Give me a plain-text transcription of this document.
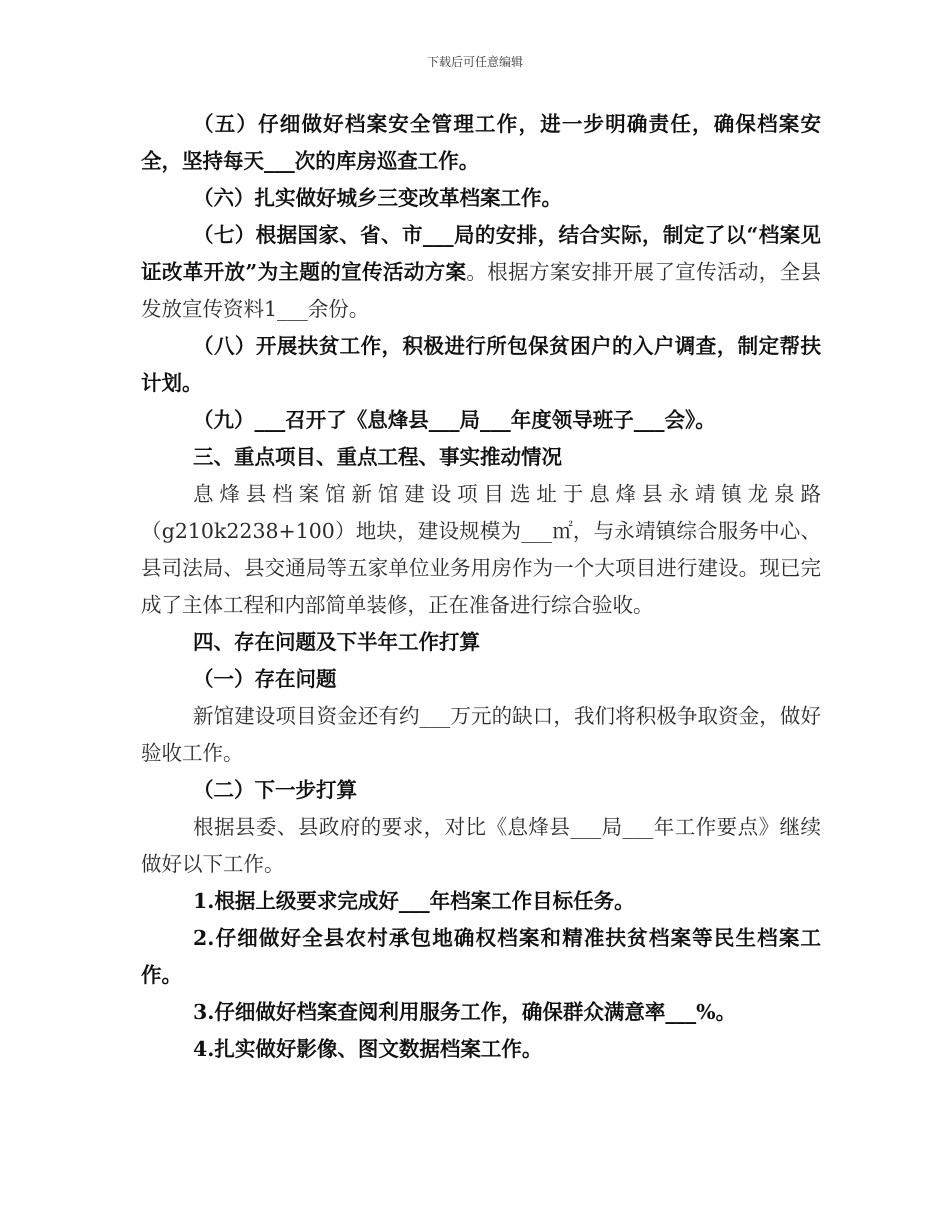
下载后可任意编辑

（五）仔细做好档案安全管理工作，进一步明确责任，确保档案安全，坚持每天___次的库房巡查工作。

（六）扎实做好城乡三变改革档案工作。

（七）根据国家、省、市___局的安排，结合实际，制定了以“档案见证改革开放”为主题的宣传活动方案。根据方案安排开展了宣传活动，全县发放宣传资料1___余份。

（八）开展扶贫工作，积极进行所包保贫困户的入户调查，制定帮扶计划。

（九）___召开了《息烽县___局___年度领导班子___会》。

三、重点项目、重点工程、事实推动情况

息烽县档案馆新馆建设项目选址于息烽县永靖镇龙泉路（g210k2238+100）地块，建设规模为___㎡，与永靖镇综合服务中心、县司法局、县交通局等五家单位业务用房作为一个大项目进行建设。现已完成了主体工程和内部简单装修，正在准备进行综合验收。

四、存在问题及下半年工作打算

（一）存在问题

新馆建设项目资金还有约___万元的缺口，我们将积极争取资金，做好验收工作。

（二）下一步打算

根据县委、县政府的要求，对比《息烽县___局___年工作要点》继续做好以下工作。

1.根据上级要求完成好___年档案工作目标任务。

2.仔细做好全县农村承包地确权档案和精准扶贫档案等民生档案工作。

3.仔细做好档案查阅利用服务工作，确保群众满意率___%。

4.扎实做好影像、图文数据档案工作。
